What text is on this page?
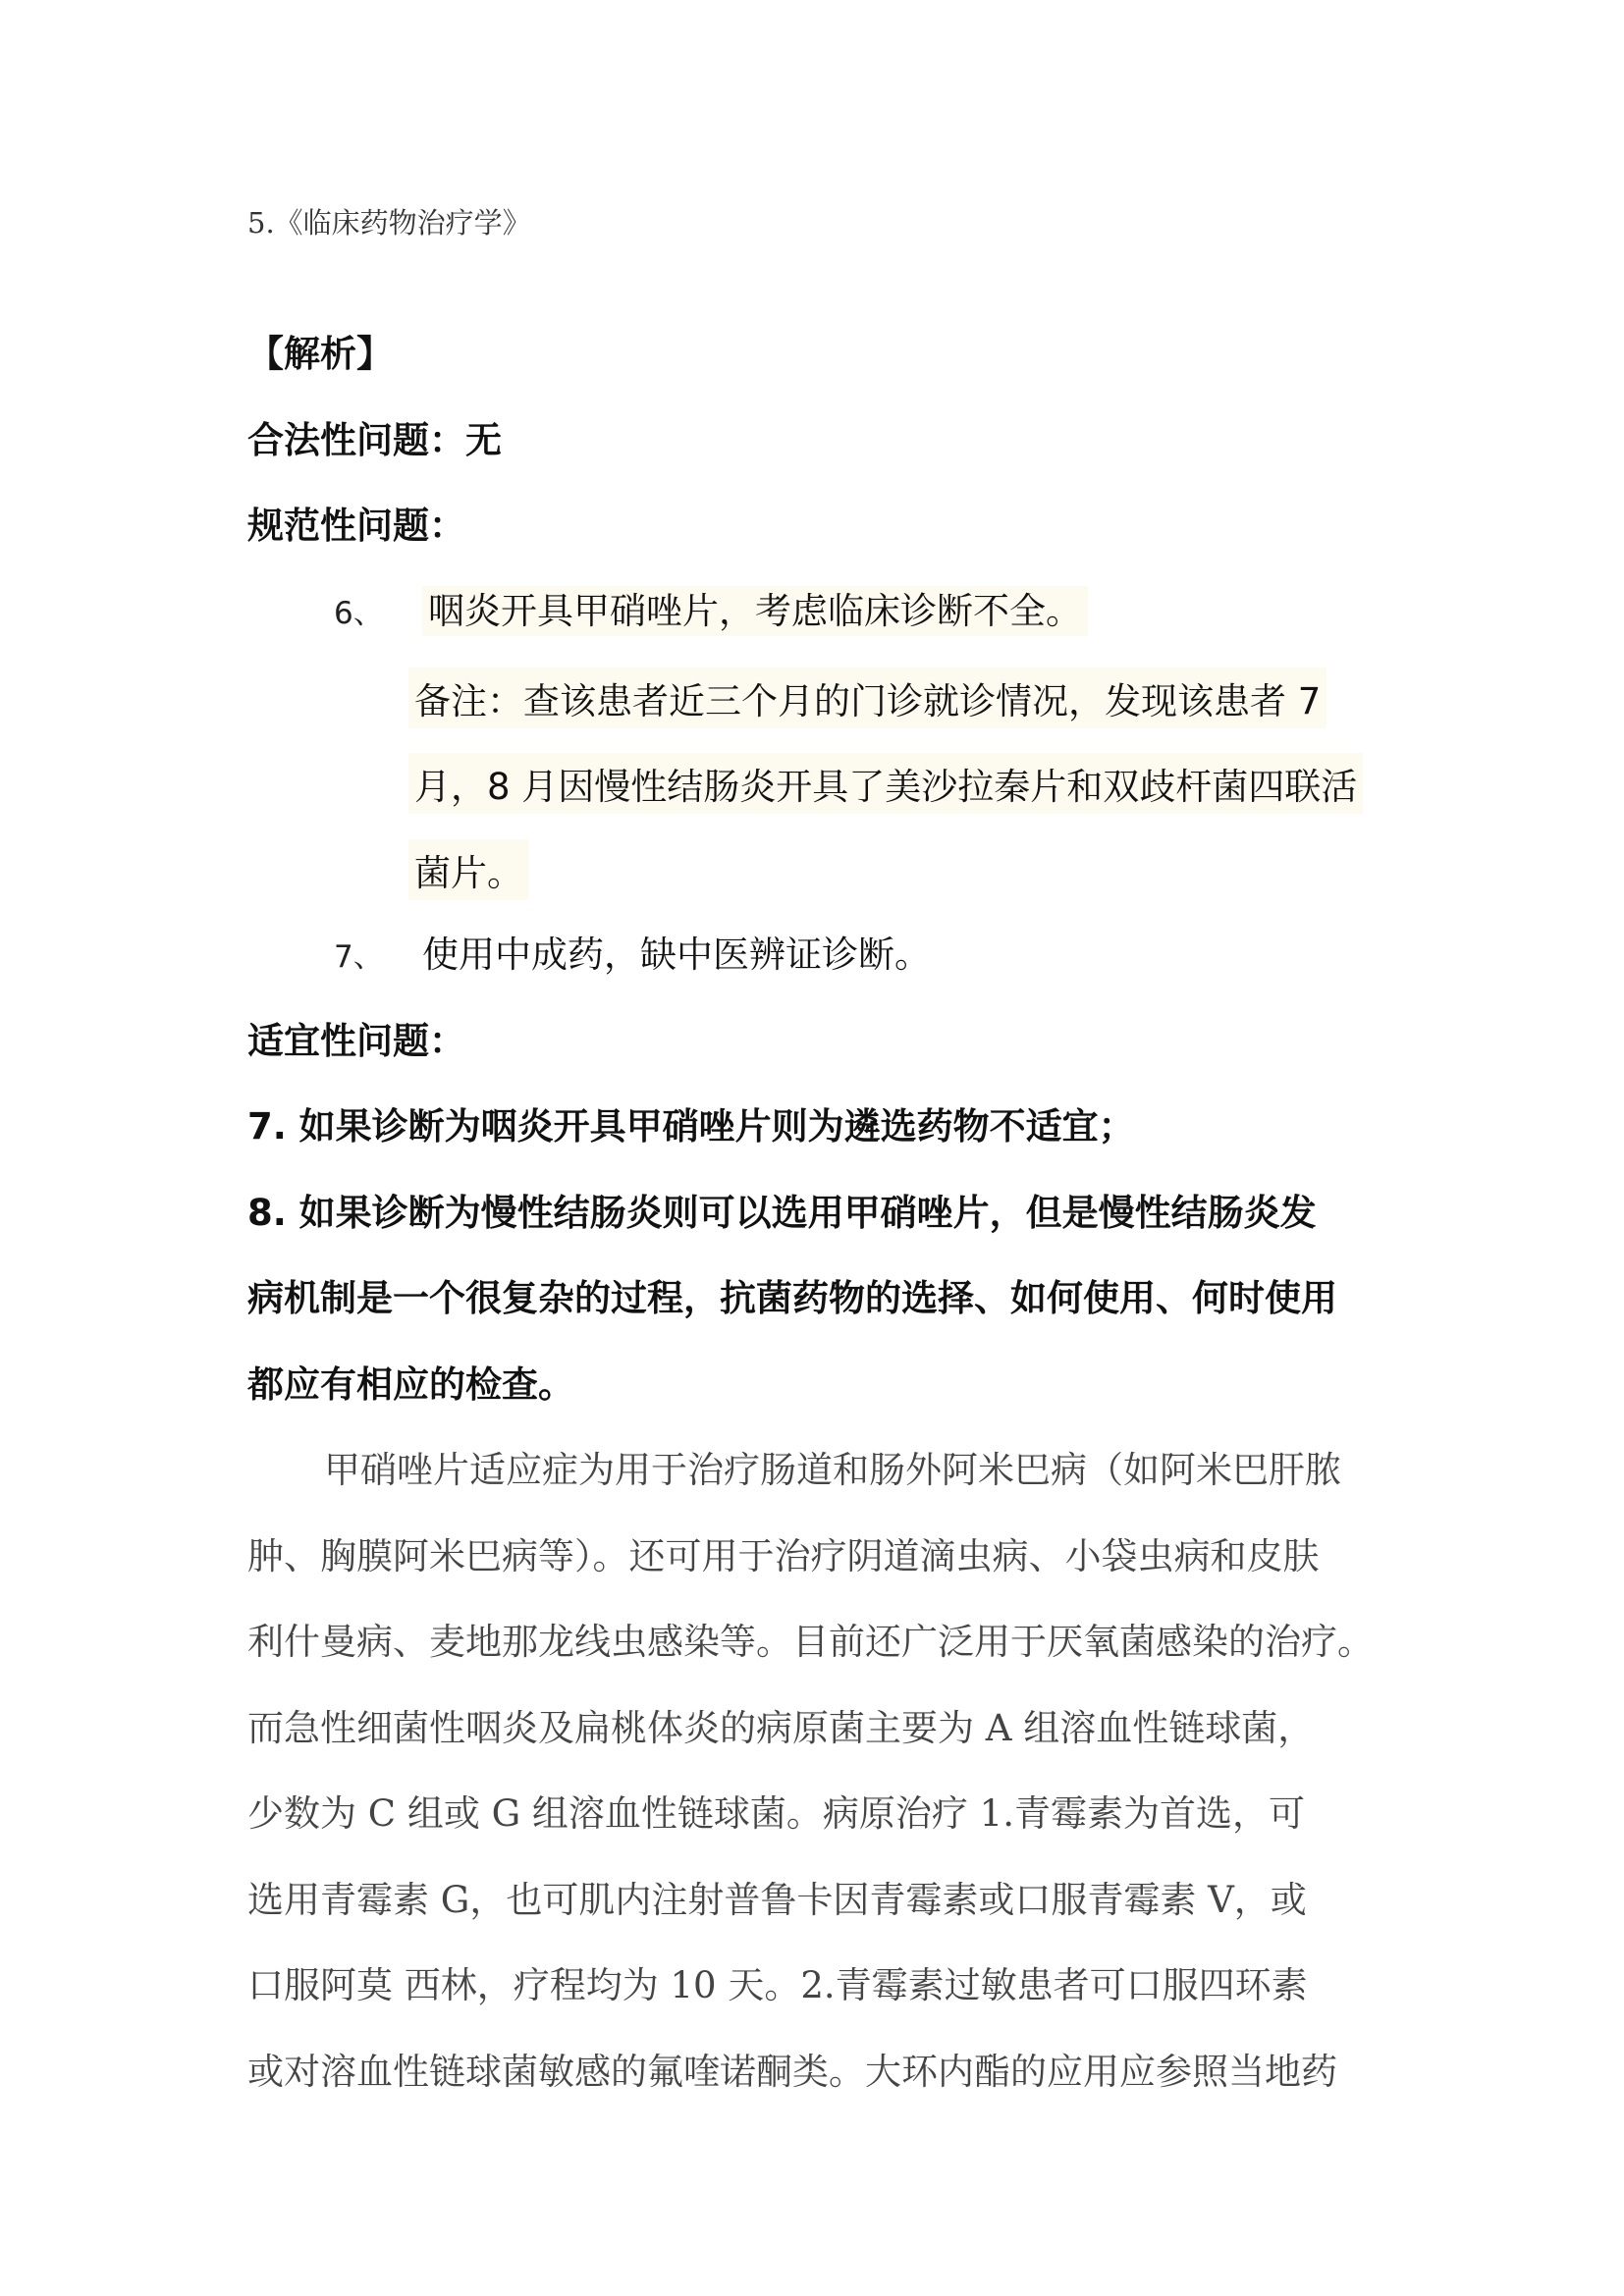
5.《临床药物治疗学》
【解析】
合法性问题：无
规范性问题：
6、 咽炎开具甲硝唑片，考虑临床诊断不全。
备注：查该患者近三个月的门诊就诊情况，发现该患者 7
月，8 月因慢性结肠炎开具了美沙拉秦片和双歧杆菌四联活
菌片。
7、 使用中成药，缺中医辨证诊断。
适宜性问题：
7. 如果诊断为咽炎开具甲硝唑片则为遴选药物不适宜；
8. 如果诊断为慢性结肠炎则可以选用甲硝唑片，但是慢性结肠炎发
病机制是一个很复杂的过程，抗菌药物的选择、如何使用、何时使用
都应有相应的检查。
甲硝唑片适应症为用于治疗肠道和肠外阿米巴病（如阿米巴肝脓
肿、胸膜阿米巴病等）。还可用于治疗阴道滴虫病、小袋虫病和皮肤
利什曼病、麦地那龙线虫感染等。目前还广泛用于厌氧菌感染的治疗。
而急性细菌性咽炎及扁桃体炎的病原菌主要为 A 组溶血性链球菌，
少数为 C 组或 G 组溶血性链球菌。病原治疗 1.青霉素为首选，可
选用青霉素 G，也可肌内注射普鲁卡因青霉素或口服青霉素 V，或
口服阿莫 西林，疗程均为 10 天。2.青霉素过敏患者可口服四环素
或对溶血性链球菌敏感的氟喹诺酮类。大环内酯的应用应参照当地药
